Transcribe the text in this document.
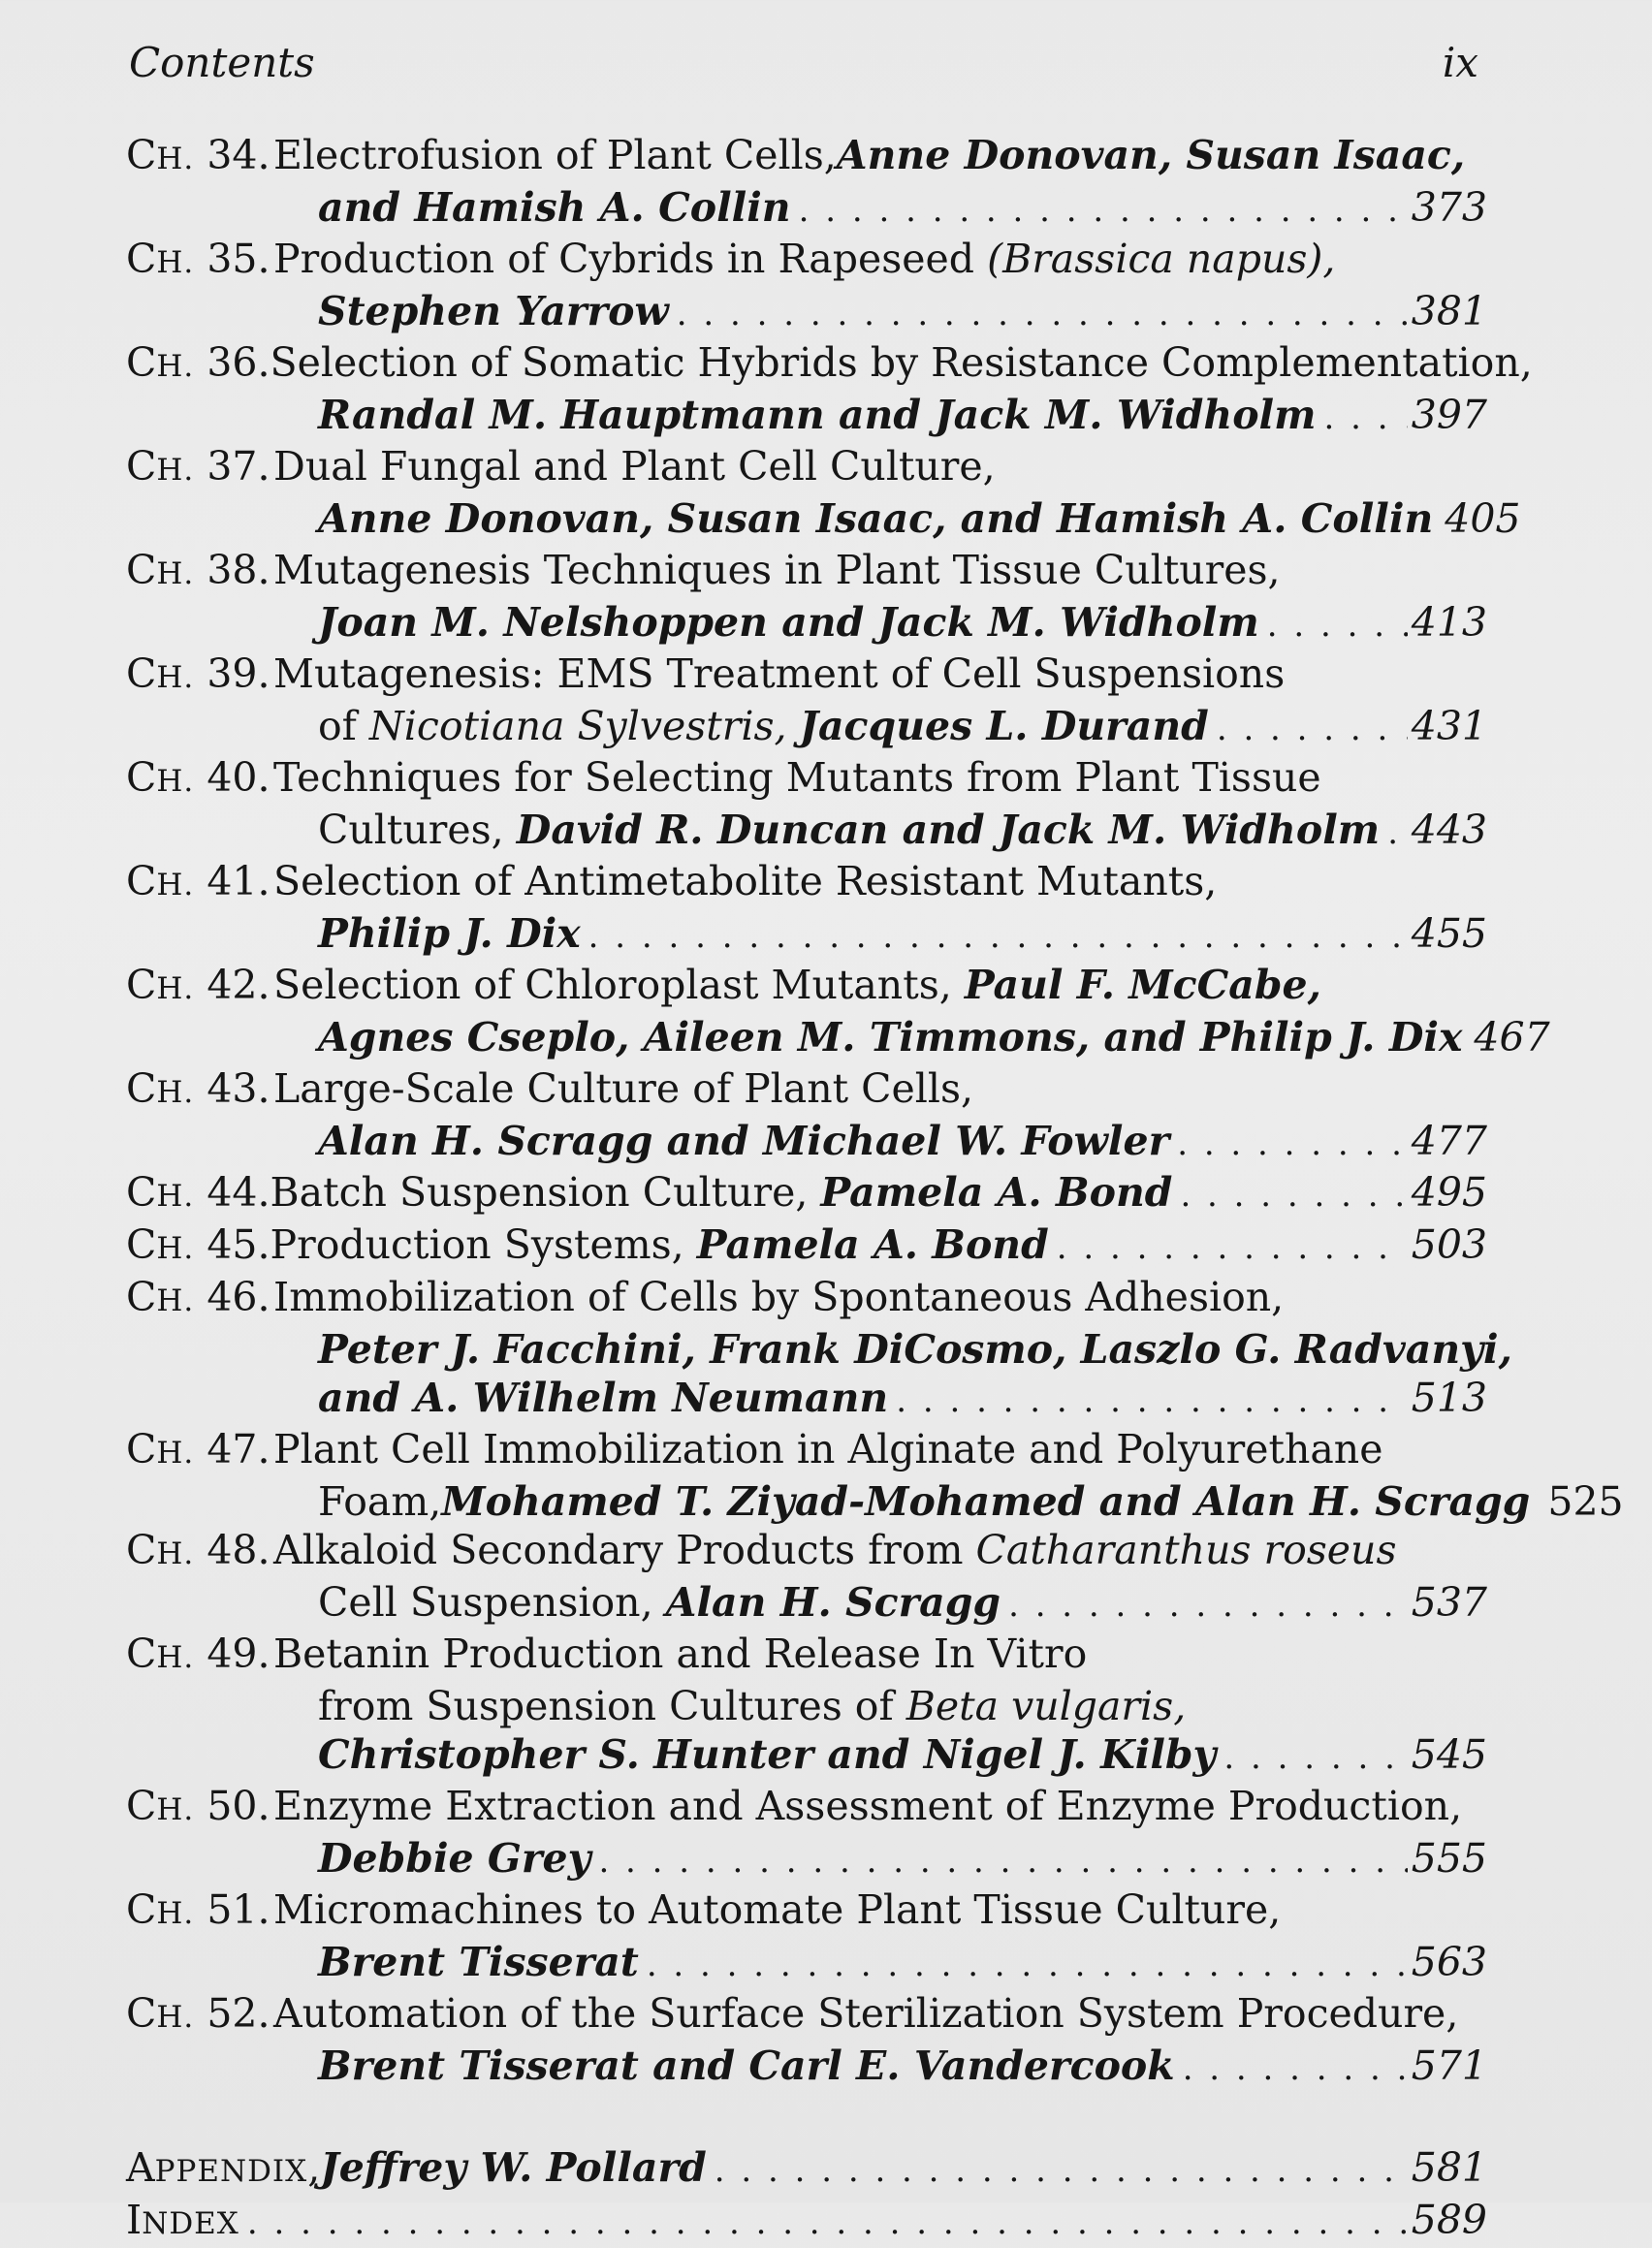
Contents	ix
CH. 34. Electrofusion of Plant Cells, Anne Donovan, Susan Isaac,
and Hamish A. Collin . . .	373
CH. 35. Production of Cybrids in Rapeseed
(Brassica napus),
Stephen Yarrow . . .	381
CH. 36. Selection of Somatic Hybrids by Resistance Complementation,
Randal M. Hauptmann and Jack M. Widholm . . . 397
CH. 37. Dual Fungal and Plant Cell Culture,
Anne Donovan, Susan Isaac, and Hamish A. Collin 405
CH. 38. Mutagenesis Techniques in Plant Tissue Cultures,
Joan M. Nelshoppen and Jack M. Widholm . . .	413
CH. 39. Mutagenesis: EMS Treatment of Cell Suspensions
of
Nicotiana Sylvestris,
Jacques L. Durand . . .	431
CH. 40. Techniques for Selecting Mutants from Plant Tissue
Cultures,
David R. Duncan and Jack M. Widholm . . . 443
CH. 41. Selection of Antimetabolite Resistant Mutants,
Philip J. Dix . . .	455
CH. 42. Selection of Chloroplast Mutants,
Paul F. McCabe,
Agnes Cseplo, Aileen M. Timmons, and Philip J. Dix 467
CH. 43. Large-Scale Culture of Plant Cells,
Alan H. Scragg and Michael W. Fowler . . .	477
CH. 44. Batch Suspension Culture,
Pamela A. Bond . . .	495
CH. 45. Production Systems,
Pamela A. Bond . . .	503
CH. 46. Immobilization of Cells by Spontaneous Adhesion,
Peter J. Facchini, Frank DiCosmo, Laszlo G. Radvanyi,
and A. Wilhelm Neumann . . .	513
CH. 47. Plant Cell Immobilization in Alginate and Polyurethane
Foam, Mohamed T. Ziyad-Mohamed and Alan H. Scragg 525
CH. 48. Alkaloid Secondary Products from
Catharanthus roseus
Cell Suspension,
Alan H. Scragg . . .	537
CH. 49. Betanin Production and Release In Vitro
from Suspension Cultures of
Beta vulgaris,
Christopher S. Hunter and Nigel J. Kilby . . .	545
CH. 50. Enzyme Extraction and Assessment of Enzyme Production,
Debbie Grey . . .	555
CH. 51. Micromachines to Automate Plant Tissue Culture,
Brent Tisserat . . .	563
CH. 52. Automation of the Surface Sterilization System Procedure,
Brent Tisserat and Carl E. Vandercook . . .	571
APPENDIX, Jeffrey W. Pollard . . .	581
INDEX . . .	589
